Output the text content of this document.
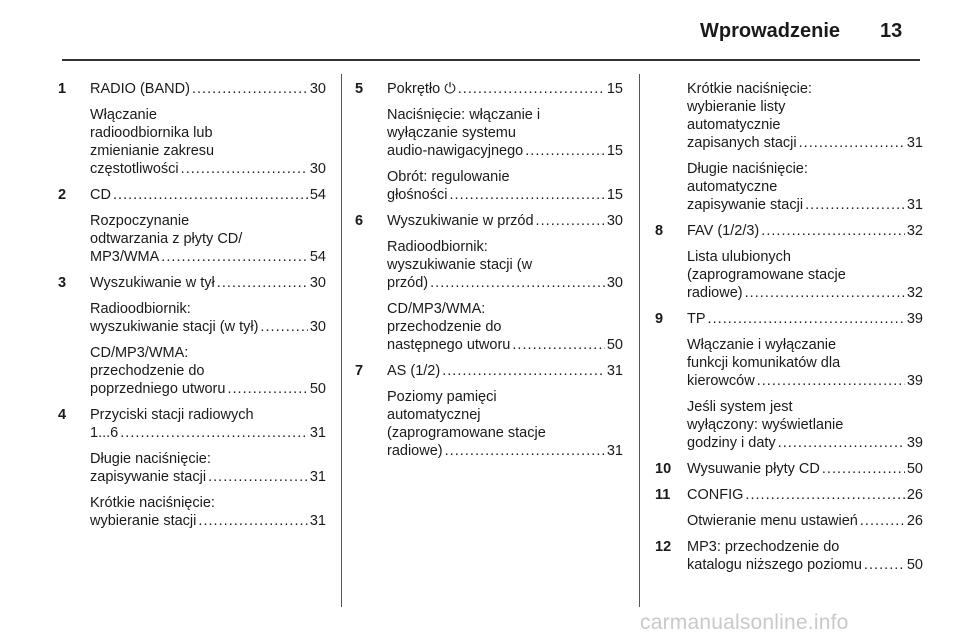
Wprowadzenie 13
1 RADIO (BAND) . . .	30
Włączanie
radioodbiornika lub
zmienianie zakresu
częstotliwości . . .	30
2 CD . . .	54
Rozpoczynanie
odtwarzania z płyty CD/
MP3/WMA . . .	54
3 Wyszukiwanie w tył . . .	30
Radioodbiornik:
wyszukiwanie stacji (w tył) . . .	30
CD/MP3/WMA:
przechodzenie do
poprzedniego utworu . . .	50
4 Przyciski stacji radiowych
1...6 . . .	31
Długie naciśnięcie:
zapisywanie stacji . . .	31
Krótkie naciśnięcie:
wybieranie stacji . . .	31
5 Pokrętło ⏻ . . .	15
Naciśnięcie: włączanie i
wyłączanie systemu
audio-nawigacyjnego . . .	15
Obrót: regulowanie
głośności . . .	15
6 Wyszukiwanie w przód . . .	30
Radioodbiornik:
wyszukiwanie stacji (w
przód) . . .	30
CD/MP3/WMA:
przechodzenie do
następnego utworu . . .	50
7 AS (1/2) . . .	31
Poziomy pamięci
automatycznej
(zaprogramowane stacje
radiowe) . . .	31
Krótkie naciśnięcie:
wybieranie listy
automatycznie
zapisanych stacji . . .	31
Długie naciśnięcie:
automatyczne
zapisywanie stacji . . .	31
8 FAV (1/2/3) . . .	32
Lista ulubionych
(zaprogramowane stacje
radiowe) . . .	32
9 TP . . .	39
Włączanie i wyłączanie
funkcji komunikatów dla
kierowców . . .	39
Jeśli system jest
wyłączony: wyświetlanie
godziny i daty . . .	39
10 Wysuwanie płyty CD . . .	50
11 CONFIG . . .	26
Otwieranie menu ustawień . . .	26
12 MP3: przechodzenie do
katalogu niższego poziomu . . .	50
carmanualsonline.info
